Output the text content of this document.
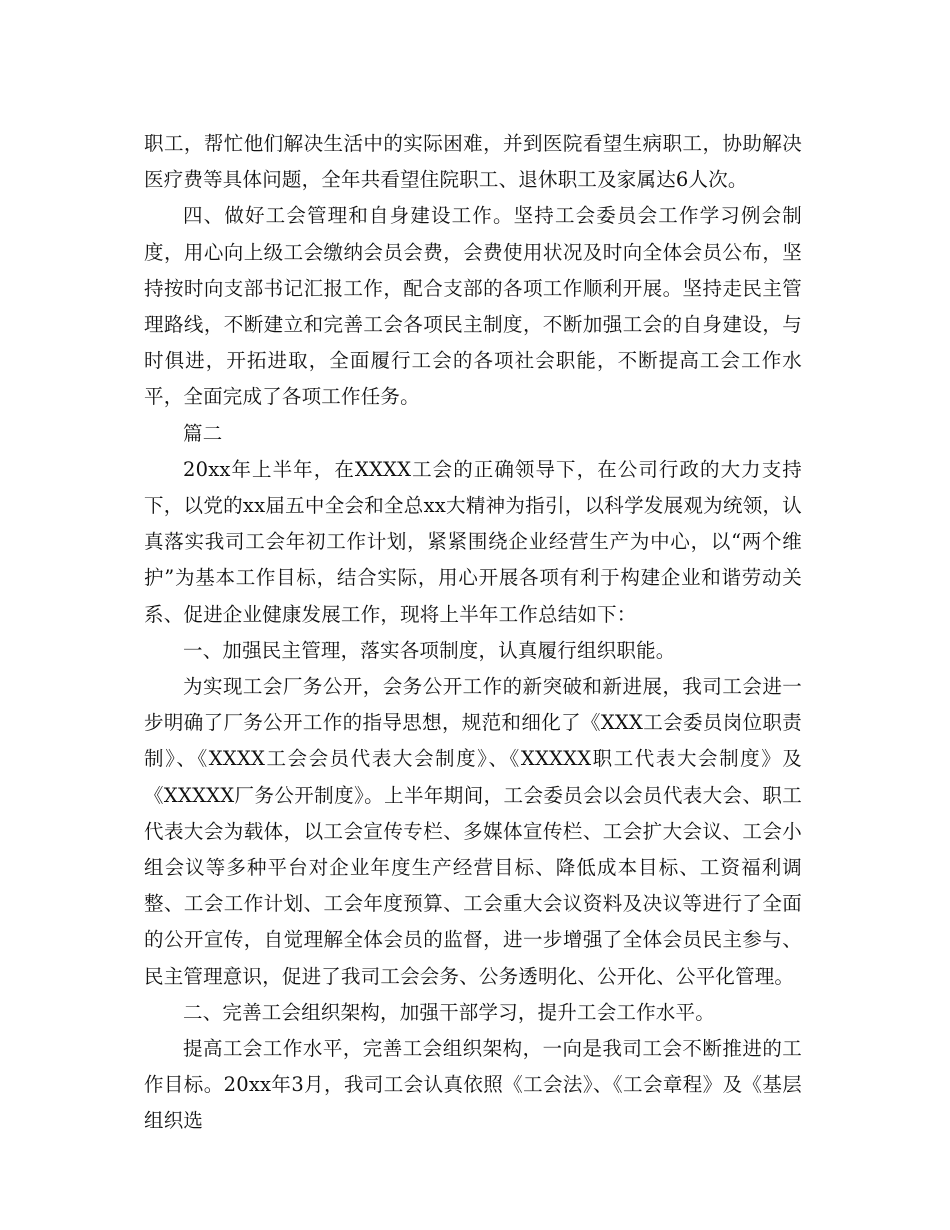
职工，帮忙他们解决生活中的实际困难，并到医院看望生病职工，协助解决医疗费等具体问题，全年共看望住院职工、退休职工及家属达6人次。

四、做好工会管理和自身建设工作。坚持工会委员会工作学习例会制度，用心向上级工会缴纳会员会费，会费使用状况及时向全体会员公布，坚持按时向支部书记汇报工作，配合支部的各项工作顺利开展。坚持走民主管理路线，不断建立和完善工会各项民主制度，不断加强工会的自身建设，与时俱进，开拓进取，全面履行工会的各项社会职能，不断提高工会工作水平，全面完成了各项工作任务。

篇二

20xx年上半年，在XXXX工会的正确领导下，在公司行政的大力支持下，以党的xx届五中全会和全总xx大精神为指引，以科学发展观为统领，认真落实我司工会年初工作计划，紧紧围绕企业经营生产为中心，以“两个维护”为基本工作目标，结合实际，用心开展各项有利于构建企业和谐劳动关系、促进企业健康发展工作，现将上半年工作总结如下：

一、加强民主管理，落实各项制度，认真履行组织职能。

为实现工会厂务公开，会务公开工作的新突破和新进展，我司工会进一步明确了厂务公开工作的指导思想，规范和细化了《XXX工会委员岗位职责制》、《XXXX工会会员代表大会制度》、《XXXXX职工代表大会制度》及《XXXXX厂务公开制度》。上半年期间，工会委员会以会员代表大会、职工代表大会为载体，以工会宣传专栏、多媒体宣传栏、工会扩大会议、工会小组会议等多种平台对企业年度生产经营目标、降低成本目标、工资福利调整、工会工作计划、工会年度预算、工会重大会议资料及决议等进行了全面的公开宣传，自觉理解全体会员的监督，进一步增强了全体会员民主参与、民主管理意识，促进了我司工会会务、公务透明化、公开化、公平化管理。

二、完善工会组织架构，加强干部学习，提升工会工作水平。

提高工会工作水平，完善工会组织架构，一向是我司工会不断推进的工作目标。20xx年3月，我司工会认真依照《工会法》、《工会章程》及《基层组织选
